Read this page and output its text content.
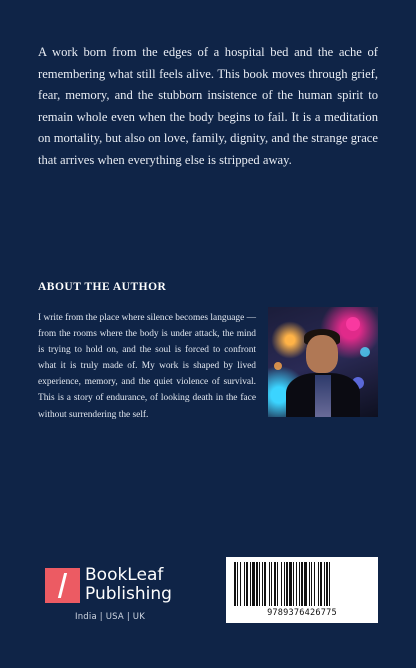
A work born from the edges of a hospital bed and the ache of remembering what still feels alive. This book moves through grief, fear, memory, and the stubborn insistence of the human spirit to remain whole even when the body begins to fail. It is a meditation on mortality, but also on love, family, dignity, and the strange grace that arrives when everything else is stripped away.

ABOUT THE AUTHOR

I write from the place where silence becomes language — from the rooms where the body is under attack, the mind is trying to hold on, and the soul is forced to confront what it is truly made of. My work is shaped by lived experience, memory, and the quiet violence of survival. This is a story of endurance, of looking death in the face without surrendering the self.

BookLeaf
Publishing
India | USA | UK	9789376426775
